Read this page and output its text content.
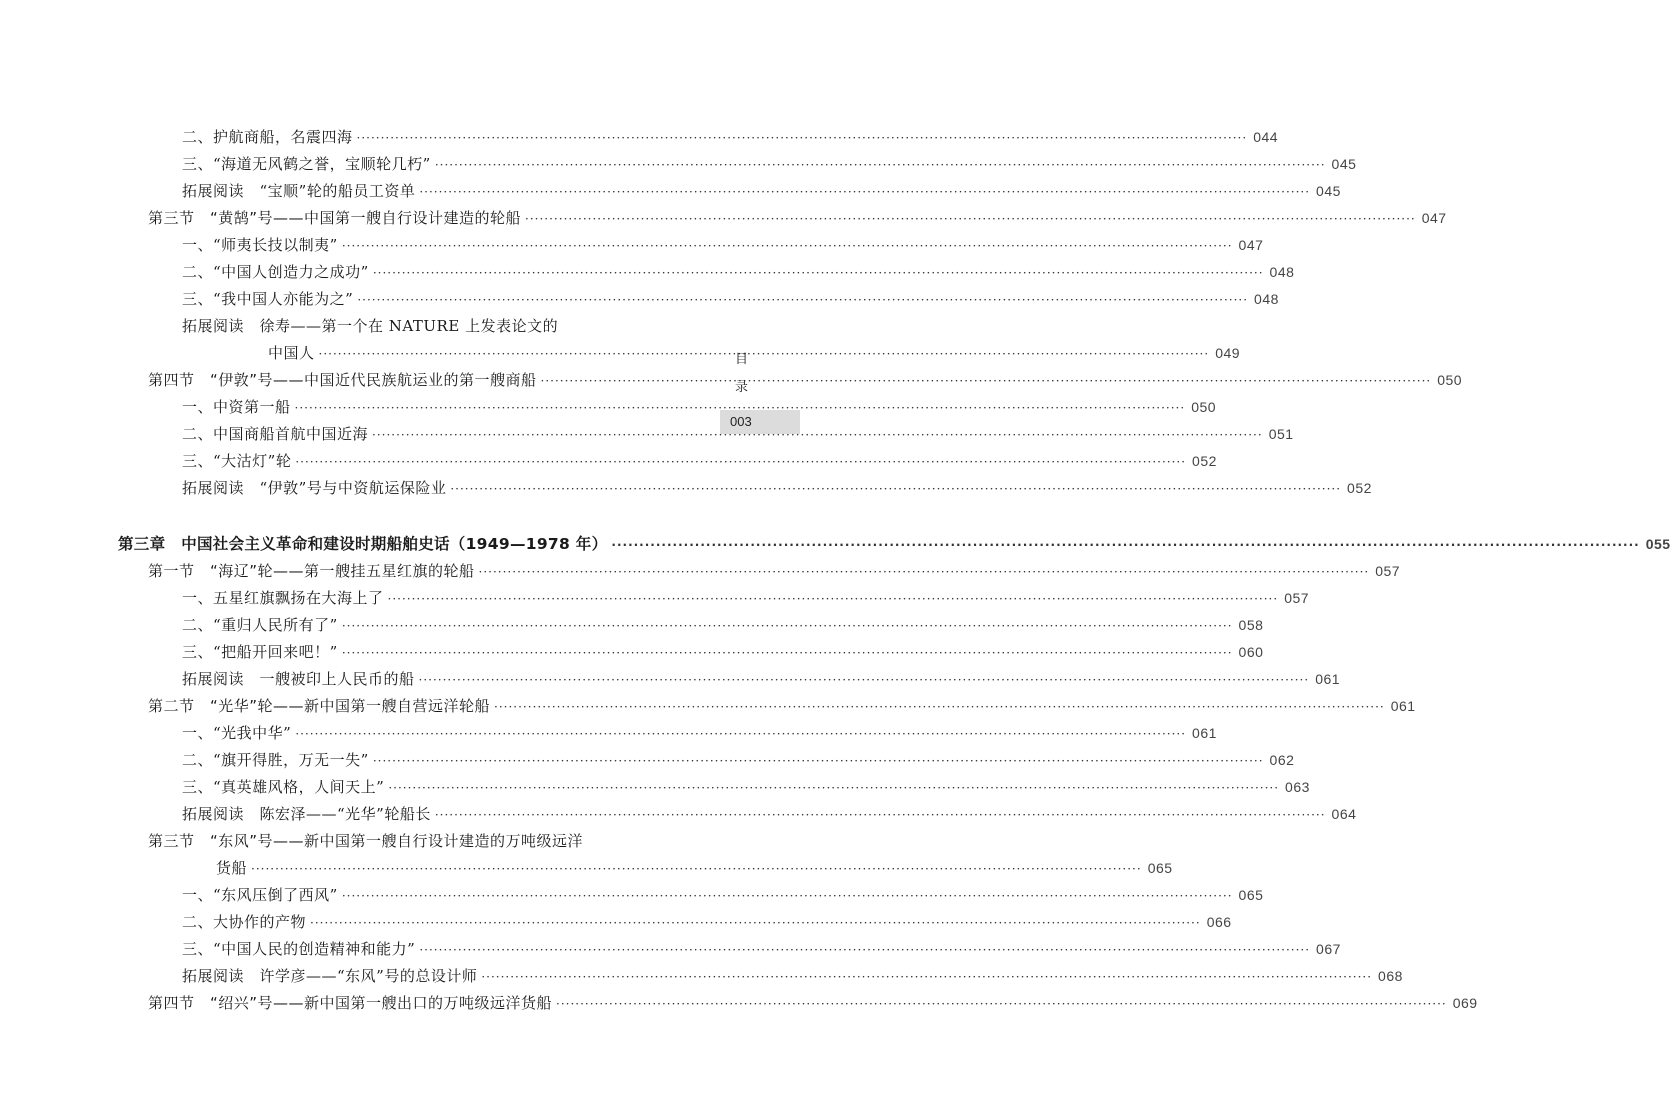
二、护航商船，名震四海 ·····	044
三、“海道无风鹤之誉，宝顺轮几朽” ·····	045
拓展阅读　“宝顺”轮的船员工资单 ·····	045
第三节　“黄鹄”号——中国第一艘自行设计建造的轮船 ·····	047
一、“师夷长技以制夷” ·····	047
二、“中国人创造力之成功” ·····	048
三、“我中国人亦能为之” ·····	048
拓展阅读　徐寿——第一个在 NATURE 上发表论文的
中国人 ·····	049
第四节　“伊敦”号——中国近代民族航运业的第一艘商船 ·····	050
一、中资第一船 ·····	050
二、中国商船首航中国近海 ·····	051
三、“大沽灯”轮 ·····	052
拓展阅读　“伊敦”号与中资航运保险业 ·····	052
第三章　中国社会主义革命和建设时期船舶史话（1949—1978 年） ·····	055
第一节　“海辽”轮——第一艘挂五星红旗的轮船 ·····	057
一、五星红旗飘扬在大海上了 ·····	057
二、“重归人民所有了” ·····	058
三、“把船开回来吧！” ·····	060
拓展阅读　一艘被印上人民币的船 ·····	061
第二节　“光华”轮——新中国第一艘自营远洋轮船 ·····	061
一、“光我中华” ·····	061
二、“旗开得胜，万无一失” ·····	062
三、“真英雄风格，人间天上” ·····	063
拓展阅读　陈宏泽——“光华”轮船长 ·····	064
第三节　“东风”号——新中国第一艘自行设计建造的万吨级远洋
货船 ·····	065
一、“东风压倒了西风” ·····	065
二、大协作的产物 ·····	066
三、“中国人民的创造精神和能力” ·····	067
拓展阅读　许学彦——“东风”号的总设计师 ·····	068
第四节　“绍兴”号——新中国第一艘出口的万吨级远洋货船 ·····	069
目
录
003
